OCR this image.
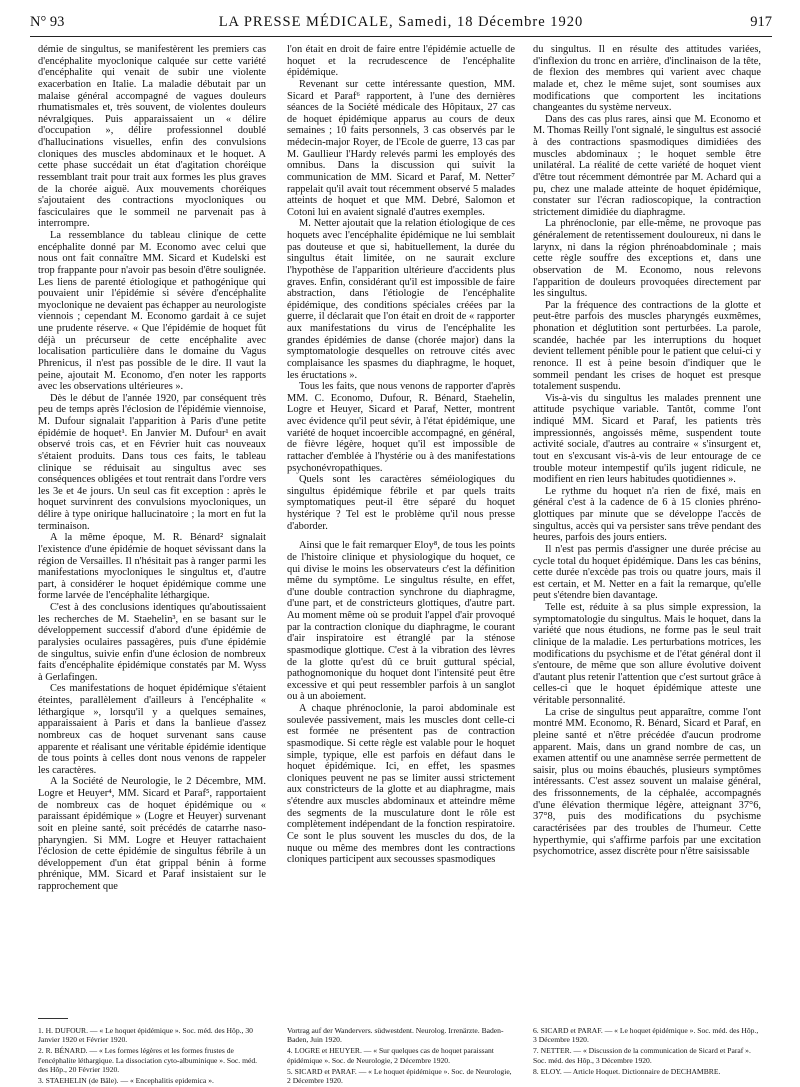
N° 93	LA PRESSE MÉDICALE, Samedi, 18 Décembre 1920	917

démie de singultus, se manifestèrent les premiers cas d'encéphalite myoclonique calquée sur cette variété d'encéphalite qui venait de subir une violente exacerbation en Italie. La maladie débutait par un malaise général accompagné de vagues douleurs rhumatismales et, très souvent, de violentes douleurs névralgiques. Puis apparaissaient un « délire d'occupation », délire professionnel doublé d'hallucinations visuelles, enfin des convulsions cloniques des muscles abdominaux et le hoquet. A cette phase succédait un état d'agitation choréique ressemblant trait pour trait aux formes les plus graves de la chorée aiguë. Aux mouvements choréiques s'ajoutaient des contractions myocloniques ou fasciculaires que le sommeil ne parvenait pas à interrompre.

La ressemblance du tableau clinique de cette encéphalite donné par M. Economo avec celui que nous ont fait connaître MM. Sicard et Kudelski est trop frappante pour n'avoir pas besoin d'être soulignée. Les liens de parenté étiologique et pathogénique qui pouvaient unir l'épidémie si sévère d'encéphalite myoclonique ne devaient pas échapper au neurologiste viennois ; cependant M. Economo gardait à ce sujet une prudente réserve. « Que l'épidémie de hoquet fût déjà un précurseur de cette encéphalite avec localisation particulière dans le domaine du Vagus Phrenicus, il n'est pas possible de le dire. Il vaut la peine, ajoutait M. Economo, d'en noter les rapports avec les observations ultérieures ».

Dès le début de l'année 1920, par conséquent très peu de temps après l'éclosion de l'épidémie viennoise, M. Dufour signalait l'apparition à Paris d'une petite épidémie de hoquet¹. En Janvier M. Dufour¹ en avait observé trois cas, et en Février huit cas nouveaux s'étaient produits. Dans tous ces faits, le tableau clinique se réduisait au singultus avec ses conséquences obligées et tout rentrait dans l'ordre vers les 3e et 4e jours. Un seul cas fit exception : après le hoquet survinrent des convulsions myocloniques, un délire à type onirique hallucinatoire ; la mort en fut la terminaison.

A la même époque, M. R. Bénard² signalait l'existence d'une épidémie de hoquet sévissant dans la région de Versailles. Il n'hésitait pas à ranger parmi les manifestations myocloniques le singultus et, d'autre part, à considérer le hoquet épidémique comme une forme larvée de l'encéphalite léthargique.

C'est à des conclusions identiques qu'aboutissaient les recherches de M. Staehelin³, en se basant sur le développement successif d'abord d'une épidémie de paralysies oculaires passagères, puis d'une épidémie de singultus, suivie enfin d'une éclosion de nombreux faits d'encéphalite épidémique constatés par M. Wyss à Gerlafingen.

Ces manifestations de hoquet épidémique s'étaient éteintes, parallèlement d'ailleurs à l'encéphalite « léthargique », lorsqu'il y a quelques semaines, apparaissaient à Paris et dans la banlieue d'assez nombreux cas de hoquet survenant sans cause apparente et réalisant une véritable épidémie identique de tous points à celles dont nous venons de rappeler les caractères.

A la Société de Neurologie, le 2 Décembre, MM. Logre et Heuyer⁴, MM. Sicard et Paraf⁵, rapportaient de nombreux cas de hoquet épidémique ou « paraissant épidémique » (Logre et Heuyer) survenant soit en pleine santé, soit précédés de catarrhe naso-pharyngien. Si MM. Logre et Heuyer rattachaient l'éclosion de cette épidémie de singultus fébrile à un développement d'un état grippal bénin à forme phrénique, MM. Sicard et Paraf insistaient sur le rapprochement que

l'on était en droit de faire entre l'épidémie actuelle de hoquet et la recrudescence de l'encéphalite épidémique.

Revenant sur cette intéressante question, MM. Sicard et Paraf⁶ rapportent, à l'une des dernières séances de la Société médicale des Hôpitaux, 27 cas de hoquet épidémique apparus au cours de deux semaines ; 10 faits personnels, 3 cas observés par le médecin-major Royer, de l'Ecole de guerre, 13 cas par M. Gaullieur l'Hardy relevés parmi les employés des omnibus. Dans la discussion qui suivit la communication de MM. Sicard et Paraf, M. Netter⁷ rappelait qu'il avait tout récemment observé 5 malades atteints de hoquet et que MM. Debré, Salomon et Cotoni lui en avaient signalé d'autres exemples.

M. Netter ajoutait que la relation étiologique de ces hoquets avec l'encéphalite épidémique ne lui semblait pas douteuse et que si, habituellement, la durée du singultus était limitée, on ne saurait exclure l'hypothèse de l'apparition ultérieure d'accidents plus graves. Enfin, considérant qu'il est impossible de faire abstraction, dans l'étiologie de l'encéphalite épidémique, des conditions spéciales créées par la guerre, il déclarait que l'on était en droit de « rapporter aux manifestations du virus de l'encéphalite les grandes épidémies de danse (chorée major) dans la symptomatologie desquelles on retrouve cités avec complaisance les spasmes du diaphragme, le hoquet, les éructations ».

Tous les faits, que nous venons de rapporter d'après MM. C. Economo, Dufour, R. Bénard, Staehelin, Logre et Heuyer, Sicard et Paraf, Netter, montrent avec évidence qu'il peut sévir, à l'état épidémique, une variété de hoquet incoercible accompagné, en général, de fièvre légère, hoquet qu'il est impossible de rattacher d'emblée à l'hystérie ou à des manifestations psychonévropathiques.

Quels sont les caractères séméiologiques du singultus épidémique fébrile et par quels traits symptomatiques peut-il être séparé du hoquet hystérique ? Tel est le problème qu'il nous presse d'aborder.

Ainsi que le fait remarquer Eloy⁸, de tous les points de l'histoire clinique et physiologique du hoquet, ce qui divise le moins les observateurs c'est la définition même du symptôme. Le singultus résulte, en effet, d'une double contraction synchrone du diaphragme, d'une part, et de constricteurs glottiques, d'autre part. Au moment même où se produit l'appel d'air provoqué par la contraction clonique du diaphragme, le courant d'air inspiratoire est étranglé par la sténose spasmodique glottique. C'est à la vibration des lèvres de la glotte qu'est dû ce bruit guttural spécial, pathognomonique du hoquet dont l'intensité peut être excessive et qui peut ressembler parfois à un sanglot ou à un aboiement.

A chaque phrénoclonie, la paroi abdominale est soulevée passivement, mais les muscles dont celle-ci est formée ne présentent pas de contraction spasmodique. Si cette règle est valable pour le hoquet simple, typique, elle est parfois en défaut dans le hoquet épidémique. Ici, en effet, les spasmes cloniques peuvent ne pas se limiter aussi strictement aux constricteurs de la glotte et au diaphragme, mais s'étendre aux muscles abdominaux et atteindre même des segments de la musculature dont le rôle est complètement indépendant de la fonction respiratoire. Ce sont le plus souvent les muscles du dos, de la nuque ou même des membres dont les contractions cloniques participent aux secousses spasmodiques

du singultus. Il en résulte des attitudes variées, d'inflexion du tronc en arrière, d'inclinaison de la tête, de flexion des membres qui varient avec chaque malade et, chez le même sujet, sont soumises aux modifications que comportent les incitations changeantes du système nerveux.

Dans des cas plus rares, ainsi que M. Economo et M. Thomas Reilly l'ont signalé, le singultus est associé à des contractions spasmodiques dimidiées des muscles abdominaux ; le hoquet semble être unilatéral. La réalité de cette variété de hoquet vient d'être tout récemment démontrée par M. Achard qui a pu, chez une malade atteinte de hoquet épidémique, constater sur l'écran radioscopique, la contraction strictement dimidiée du diaphragme.

La phrénoclonie, par elle-même, ne provoque pas généralement de retentissement douloureux, ni dans le larynx, ni dans la région phrénoabdominale ; mais cette règle souffre des exceptions et, dans une observation de M. Economo, nous relevons l'apparition de douleurs provoquées directement par les singultus.

Par la fréquence des contractions de la glotte et peut-être parfois des muscles pharyngés euxmêmes, phonation et déglutition sont perturbées. La parole, scandée, hachée par les interruptions du hoquet devient tellement pénible pour le patient que celui-ci y renonce. Il est à peine besoin d'indiquer que le sommeil pendant les crises de hoquet est presque totalement suspendu.

Vis-à-vis du singultus les malades prennent une attitude psychique variable. Tantôt, comme l'ont indiqué MM. Sicard et Paraf, les patients très impressionnés, angoissés même, suspendent toute activité sociale, d'autres au contraire « s'insurgent et, tout en s'excusant vis-à-vis de leur entourage de ce trouble moteur intempestif qu'ils jugent ridicule, ne modifient en rien leurs habitudes quotidiennes ».

Le rythme du hoquet n'a rien de fixé, mais en général c'est à la cadence de 6 à 15 clonies phréno-glottiques par minute que se développe l'accès de singultus, accès qui va persister sans trêve pendant des heures, parfois des jours entiers.

Il n'est pas permis d'assigner une durée précise au cycle total du hoquet épidémique. Dans les cas bénins, cette durée n'excède pas trois ou quatre jours, mais il est certain, et M. Netter en a fait la remarque, qu'elle peut s'étendre bien davantage.

Telle est, réduite à sa plus simple expression, la symptomatologie du singultus. Mais le hoquet, dans la variété que nous étudions, ne forme pas le seul trait clinique de la maladie. Les perturbations motrices, les modifications du psychisme et de l'état général dont il s'entoure, de même que son allure évolutive doivent d'autant plus retenir l'attention que c'est surtout grâce à celles-ci que le hoquet épidémique atteste une véritable personnalité.

La crise de singultus peut apparaître, comme l'ont montré MM. Economo, R. Bénard, Sicard et Paraf, en pleine santé et n'être précédée d'aucun prodrome apparent. Mais, dans un grand nombre de cas, un examen attentif ou une anamnèse serrée permettent de saisir, plus ou moins ébauchés, plusieurs symptômes intéressants. C'est assez souvent un malaise général, des frissonnements, de la céphalée, accompagnés d'une élévation thermique légère, atteignant 37°6, 37°8, puis des modifications du psychisme caractérisées par des troubles de l'humeur. Cette hyperthymie, qui s'affirme parfois par une excitation psychomotrice, assez discrète pour n'être saisissable

1. H. DUFOUR. — « Le hoquet épidémique ». Soc. méd. des Hôp., 30 Janvier 1920 et Février 1920.
2. R. BÉNARD. — « Les formes légères et les formes frustes de l'encéphalite léthargique. La dissociation cyto-albuminique ». Soc. méd. des Hôp., 20 Février 1920.
3. STAEHELIN (de Bâle). — « Encephalitis epidemica ».
Vortrag auf der Wandervers. südwestdent. Neurolog. Irrenärzte. Baden-Baden, Juin 1920.
4. LOGRE et HEUYER. — « Sur quelques cas de hoquet paraissant épidémique ». Soc. de Neurologie, 2 Décembre 1920.
5. SICARD et PARAF. — « Le hoquet épidémique ». Soc. de Neurologie, 2 Décembre 1920.
6. SICARD et PARAF. — « Le hoquet épidémique ». Soc. méd. des Hôp., 3 Décembre 1920.
7. NETTER. — « Discussion de la communication de Sicard et Paraf ». Soc. méd. des Hôp., 3 Décembre 1920.
8. ELOY. — Article Hoquet. Dictionnaire de DECHAMBRE.
